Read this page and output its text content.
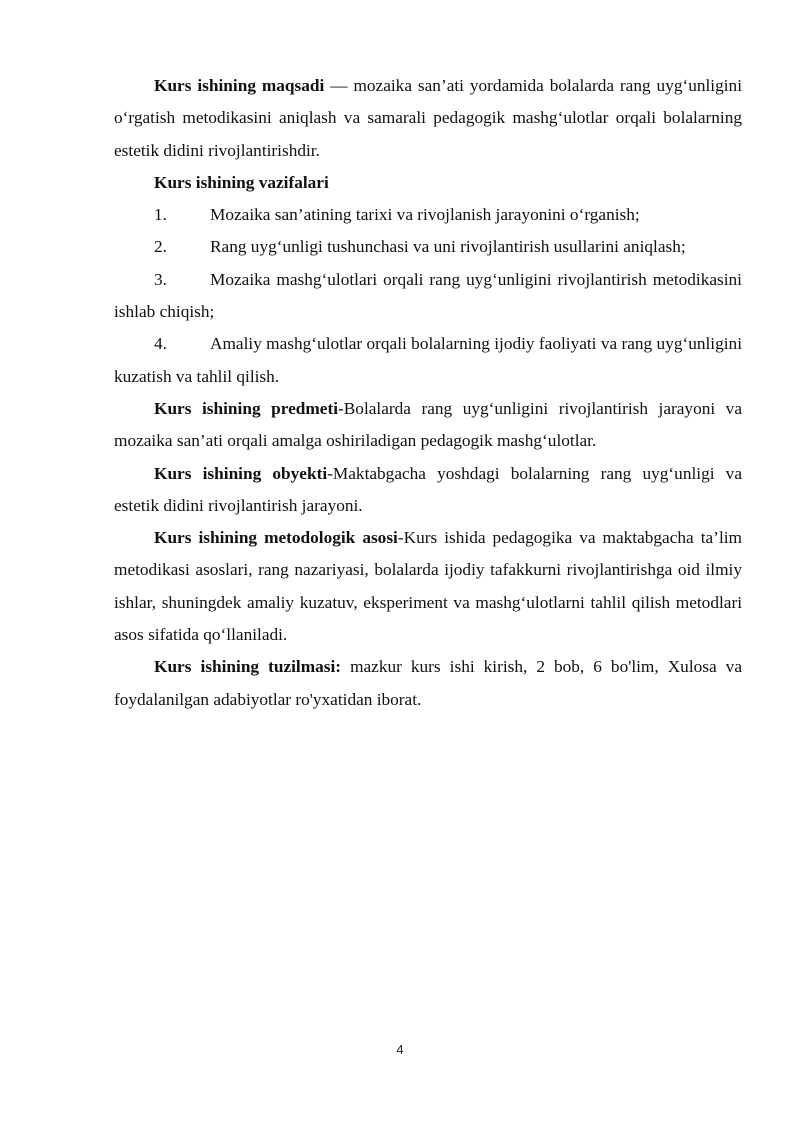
Kurs ishining maqsadi — mozaika san’ati yordamida bolalarda rang uyg‘unligini o‘rgatish metodikasini aniqlash va samarali pedagogik mashg‘ulotlar orqali bolalarning estetik didini rivojlantirishdir.

Kurs ishining vazifalari

1. Mozaika san’atining tarixi va rivojlanish jarayonini o‘rganish;

2. Rang uyg‘unligi tushunchasi va uni rivojlantirish usullarini aniqlash;

3. Mozaika mashg‘ulotlari orqali rang uyg‘unligini rivojlantirish metodikasini ishlab chiqish;

4. Amaliy mashg‘ulotlar orqali bolalarning ijodiy faoliyati va rang uyg‘unligini kuzatish va tahlil qilish.

Kurs ishining predmeti-Bolalarda rang uyg‘unligini rivojlantirish jarayoni va mozaika san’ati orqali amalga oshiriladigan pedagogik mashg‘ulotlar.

Kurs ishining obyekti-Maktabgacha yoshdagi bolalarning rang uyg‘unligi va estetik didini rivojlantirish jarayoni.

Kurs ishining metodologik asosi-Kurs ishida pedagogika va maktabgacha ta’lim metodikasi asoslari, rang nazariyasi, bolalarda ijodiy tafakkurni rivojlantirishga oid ilmiy ishlar, shuningdek amaliy kuzatuv, eksperiment va mashg‘ulotlarni tahlil qilish metodlari asos sifatida qo‘llaniladi.

Kurs ishining tuzilmasi: mazkur kurs ishi kirish, 2 bob, 6 bo'lim, Xulosa va foydalanilgan adabiyotlar ro'yxatidan iborat.

4
